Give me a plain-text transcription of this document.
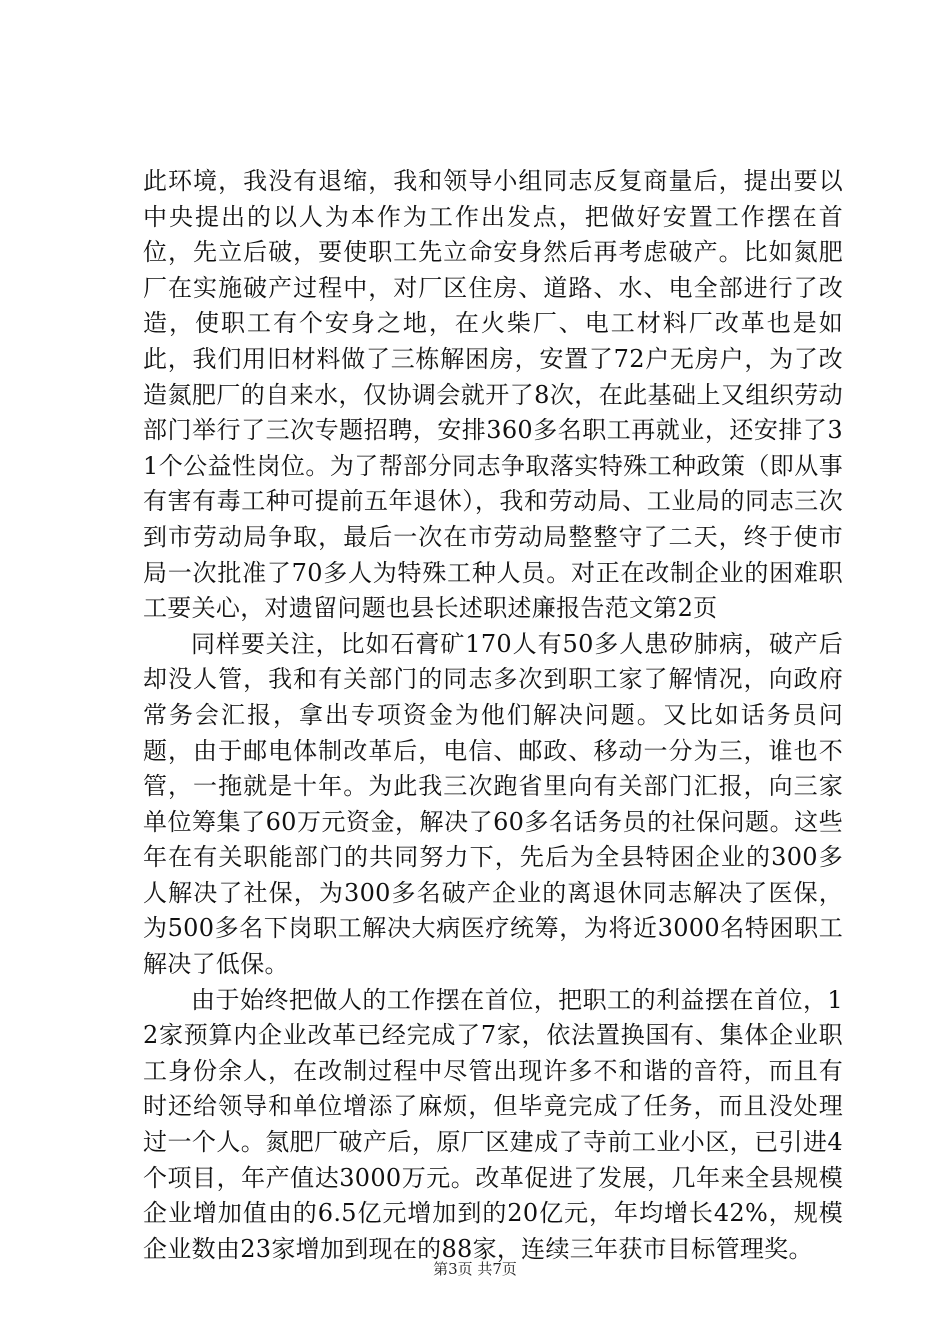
此环境，我没有退缩，我和领导小组同志反复商量后，提出要以中央提出的以人为本作为工作出发点，把做好安置工作摆在首位，先立后破，要使职工先立命安身然后再考虑破产。比如氮肥厂在实施破产过程中，对厂区住房、道路、水、电全部进行了改造，使职工有个安身之地，在火柴厂、电工材料厂改革也是如此，我们用旧材料做了三栋解困房，安置了72户无房户，为了改造氮肥厂的自来水，仅协调会就开了8次，在此基础上又组织劳动部门举行了三次专题招聘，安排360多名职工再就业，还安排了31个公益性岗位。为了帮部分同志争取落实特殊工种政策（即从事有害有毒工种可提前五年退休），我和劳动局、工业局的同志三次到市劳动局争取，最后一次在市劳动局整整守了二天，终于使市局一次批准了70多人为特殊工种人员。对正在改制企业的困难职工要关心，对遗留问题也县长述职述廉报告范文第2页

同样要关注，比如石膏矿170人有50多人患矽肺病，破产后却没人管，我和有关部门的同志多次到职工家了解情况，向政府常务会汇报，拿出专项资金为他们解决问题。又比如话务员问题，由于邮电体制改革后，电信、邮政、移动一分为三，谁也不管，一拖就是十年。为此我三次跑省里向有关部门汇报，向三家单位筹集了60万元资金，解决了60多名话务员的社保问题。这些年在有关职能部门的共同努力下，先后为全县特困企业的300多人解决了社保，为300多名破产企业的离退休同志解决了医保，为500多名下岗职工解决大病医疗统筹，为将近3000名特困职工解决了低保。

由于始终把做人的工作摆在首位，把职工的利益摆在首位，12家预算内企业改革已经完成了7家，依法置换国有、集体企业职工身份余人，在改制过程中尽管出现许多不和谐的音符，而且有时还给领导和单位增添了麻烦，但毕竟完成了任务，而且没处理过一个人。氮肥厂破产后，原厂区建成了寺前工业小区，已引进4个项目，年产值达3000万元。改革促进了发展，几年来全县规模企业增加值由的6.5亿元增加到的20亿元，年均增长42%，规模企业数由23家增加到现在的88家，连续三年获市目标管理奖。

第3页 共7页
